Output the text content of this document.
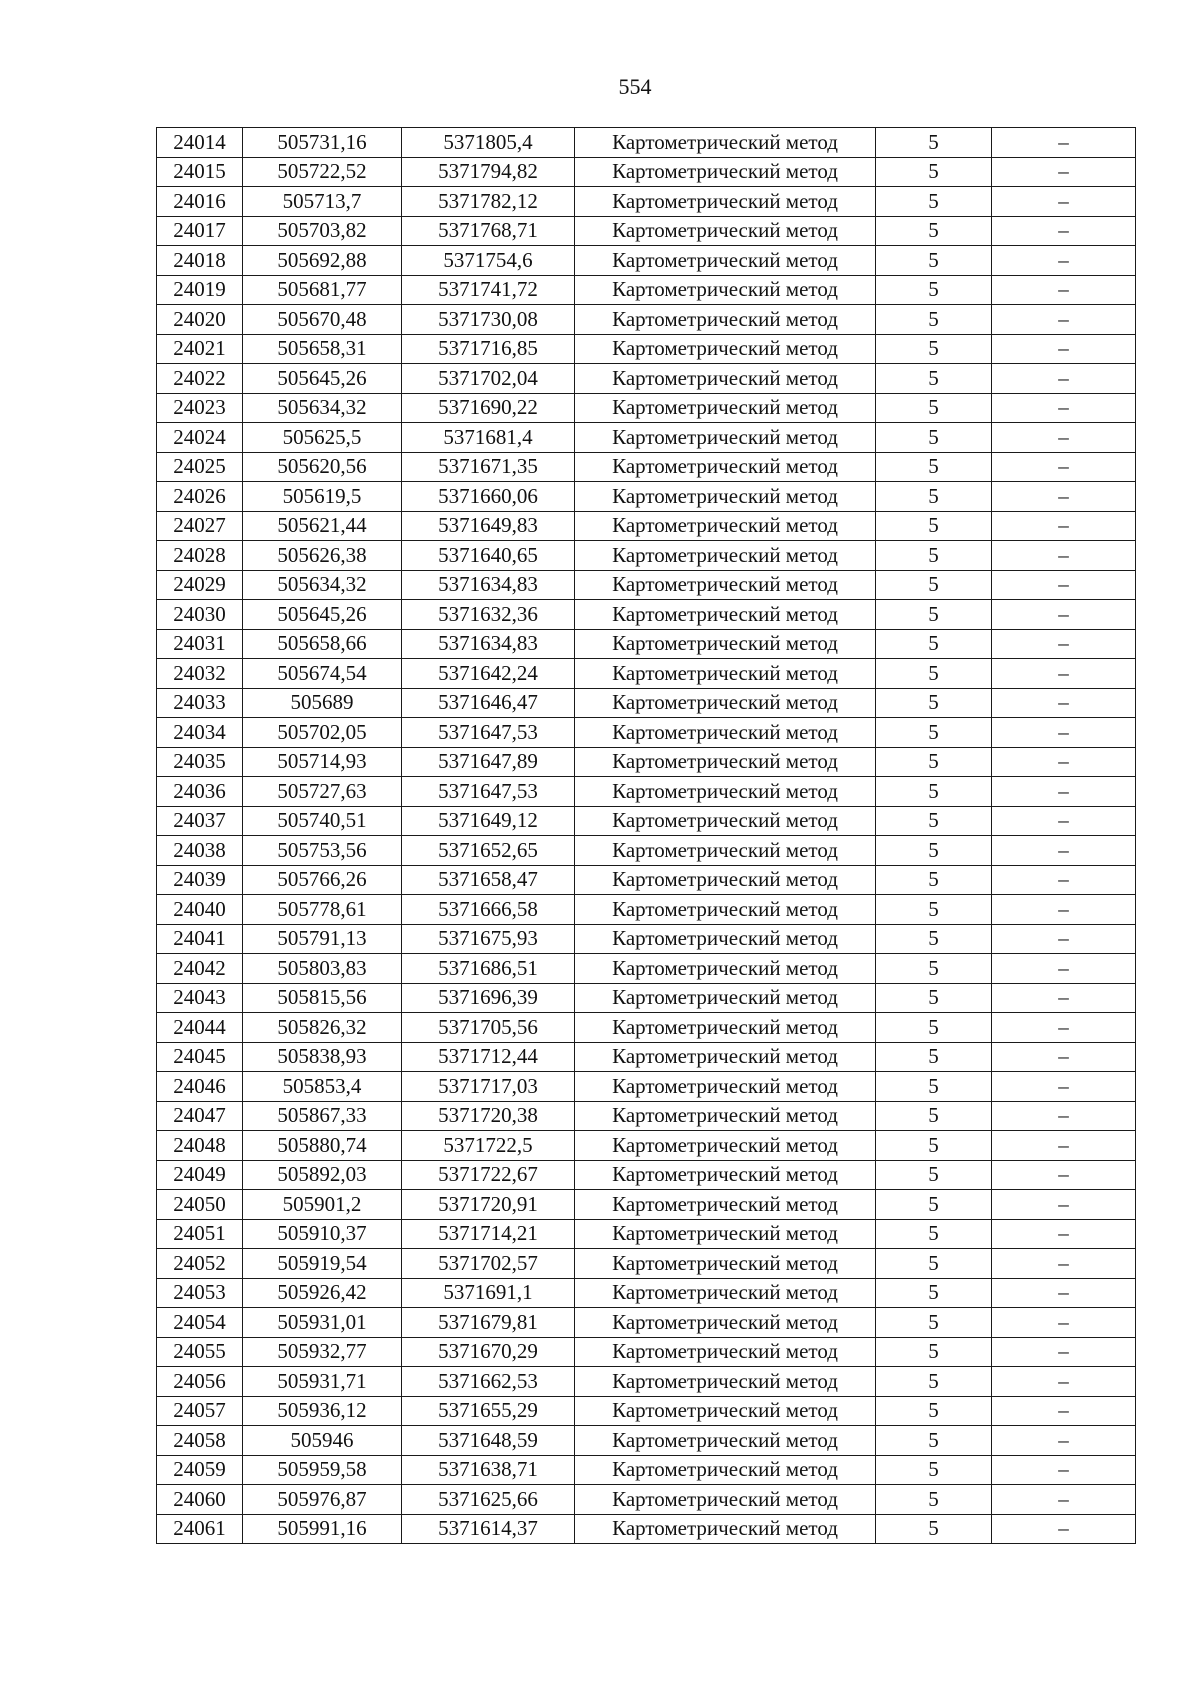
554
24014	505731,16	5371805,4	Картометрический метод	5	–
24015	505722,52	5371794,82	Картометрический метод	5	–
24016	505713,7	5371782,12	Картометрический метод	5	–
24017	505703,82	5371768,71	Картометрический метод	5	–
24018	505692,88	5371754,6	Картометрический метод	5	–
24019	505681,77	5371741,72	Картометрический метод	5	–
24020	505670,48	5371730,08	Картометрический метод	5	–
24021	505658,31	5371716,85	Картометрический метод	5	–
24022	505645,26	5371702,04	Картометрический метод	5	–
24023	505634,32	5371690,22	Картометрический метод	5	–
24024	505625,5	5371681,4	Картометрический метод	5	–
24025	505620,56	5371671,35	Картометрический метод	5	–
24026	505619,5	5371660,06	Картометрический метод	5	–
24027	505621,44	5371649,83	Картометрический метод	5	–
24028	505626,38	5371640,65	Картометрический метод	5	–
24029	505634,32	5371634,83	Картометрический метод	5	–
24030	505645,26	5371632,36	Картометрический метод	5	–
24031	505658,66	5371634,83	Картометрический метод	5	–
24032	505674,54	5371642,24	Картометрический метод	5	–
24033	505689	5371646,47	Картометрический метод	5	–
24034	505702,05	5371647,53	Картометрический метод	5	–
24035	505714,93	5371647,89	Картометрический метод	5	–
24036	505727,63	5371647,53	Картометрический метод	5	–
24037	505740,51	5371649,12	Картометрический метод	5	–
24038	505753,56	5371652,65	Картометрический метод	5	–
24039	505766,26	5371658,47	Картометрический метод	5	–
24040	505778,61	5371666,58	Картометрический метод	5	–
24041	505791,13	5371675,93	Картометрический метод	5	–
24042	505803,83	5371686,51	Картометрический метод	5	–
24043	505815,56	5371696,39	Картометрический метод	5	–
24044	505826,32	5371705,56	Картометрический метод	5	–
24045	505838,93	5371712,44	Картометрический метод	5	–
24046	505853,4	5371717,03	Картометрический метод	5	–
24047	505867,33	5371720,38	Картометрический метод	5	–
24048	505880,74	5371722,5	Картометрический метод	5	–
24049	505892,03	5371722,67	Картометрический метод	5	–
24050	505901,2	5371720,91	Картометрический метод	5	–
24051	505910,37	5371714,21	Картометрический метод	5	–
24052	505919,54	5371702,57	Картометрический метод	5	–
24053	505926,42	5371691,1	Картометрический метод	5	–
24054	505931,01	5371679,81	Картометрический метод	5	–
24055	505932,77	5371670,29	Картометрический метод	5	–
24056	505931,71	5371662,53	Картометрический метод	5	–
24057	505936,12	5371655,29	Картометрический метод	5	–
24058	505946	5371648,59	Картометрический метод	5	–
24059	505959,58	5371638,71	Картометрический метод	5	–
24060	505976,87	5371625,66	Картометрический метод	5	–
24061	505991,16	5371614,37	Картометрический метод	5	–
